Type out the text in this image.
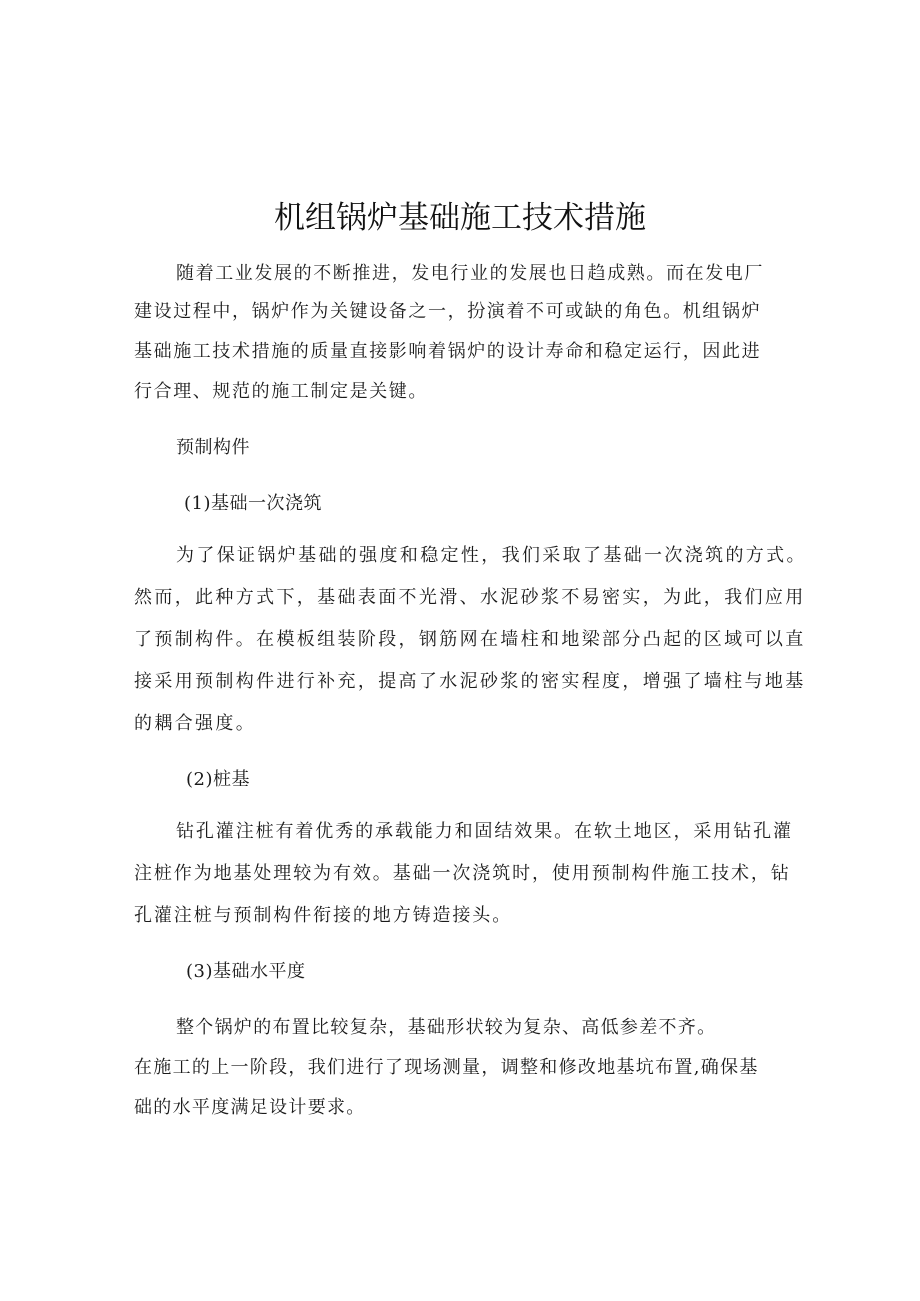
机组锅炉基础施工技术措施
随着工业发展的不断推进，发电行业的发展也日趋成熟。而在发电厂
建设过程中，锅炉作为关键设备之一，扮演着不可或缺的角色。机组锅炉
基础施工技术措施的质量直接影响着锅炉的设计寿命和稳定运行，因此进
行合理、规范的施工制定是关键。
预制构件
(1)基础一次浇筑
为了保证锅炉基础的强度和稳定性，我们采取了基础一次浇筑的方式。
然而，此种方式下，基础表面不光滑、水泥砂浆不易密实，为此，我们应用
了预制构件。在模板组装阶段，钢筋网在墙柱和地梁部分凸起的区域可以直
接采用预制构件进行补充，提高了水泥砂浆的密实程度，增强了墙柱与地基
的耦合强度。
(2)桩基
钻孔灌注桩有着优秀的承载能力和固结效果。在软土地区，采用钻孔灌
注桩作为地基处理较为有效。基础一次浇筑时，使用预制构件施工技术，钻
孔灌注桩与预制构件衔接的地方铸造接头。
(3)基础水平度
整个锅炉的布置比较复杂，基础形状较为复杂、高低参差不齐。
在施工的上一阶段，我们进行了现场测量，调整和修改地基坑布置,确保基
础的水平度满足设计要求。
